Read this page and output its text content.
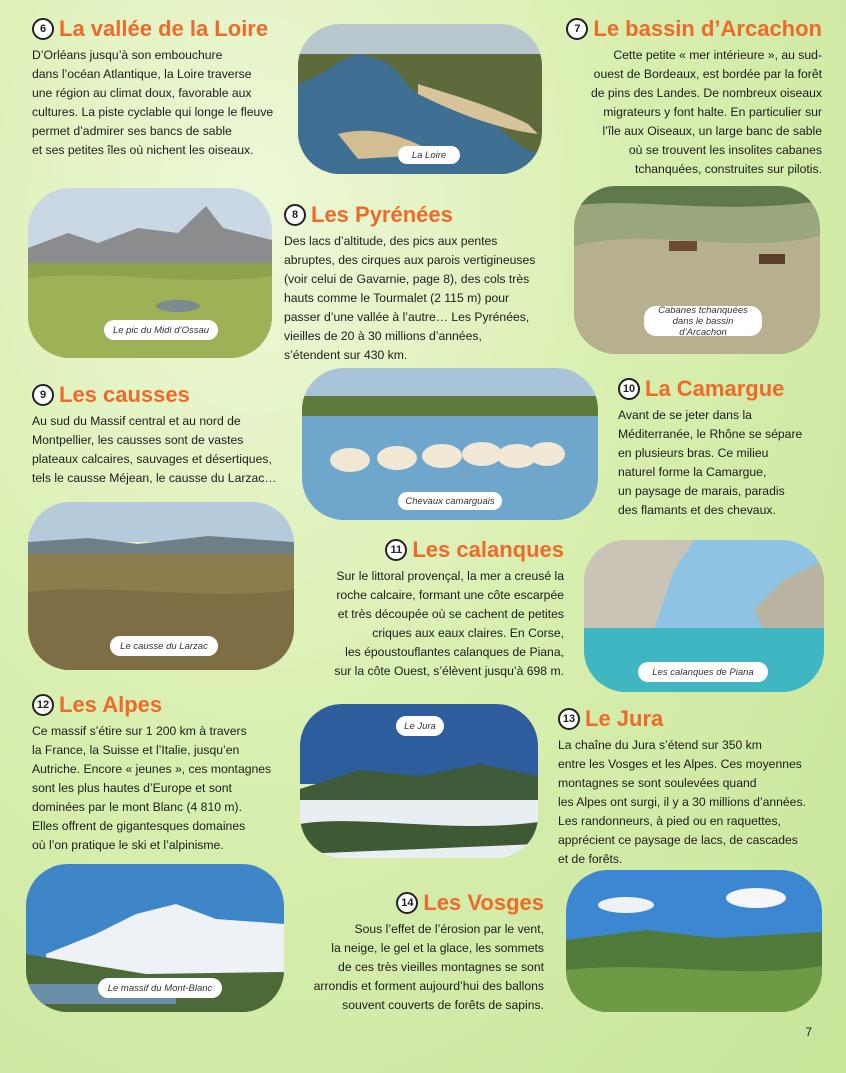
6 La vallée de la Loire
D’Orléans jusqu’à son embouchure
dans l’océan Atlantique, la Loire traverse
une région au climat doux, favorable aux
cultures. La piste cyclable qui longe le fleuve
permet d’admirer ses bancs de sable
et ses petites îles où nichent les oiseaux.	La Loire
7 Le bassin d’Arcachon
Cette petite « mer intérieure », au sud-
ouest de Bordeaux, est bordée par la forêt
de pins des Landes. De nombreux oiseaux
migrateurs y font halte. En particulier sur
l’île aux Oiseaux, un large banc de sable
où se trouvent les insolites cabanes
tchanquées, construites sur pilotis.
Cabanes tchanquées dans le bassin d’Arcachon
Le pic du Midi d’Ossau
8 Les Pyrénées
Des lacs d’altitude, des pics aux pentes
abruptes, des cirques aux parois vertigineuses
(voir celui de Gavarnie, page 8), des cols très
hauts comme le Tourmalet (2 115 m) pour
passer d’une vallée à l’autre… Les Pyrénées,
vieilles de 20 à 30 millions d’années,
s’étendent sur 430 km.
9 Les causses
Au sud du Massif central et au nord de
Montpellier, les causses sont de vastes
plateaux calcaires, sauvages et désertiques,
tels le causse Méjean, le causse du Larzac…
Chevaux camarguais
10 La Camargue
Avant de se jeter dans la
Méditerranée, le Rhône se sépare
en plusieurs bras. Ce milieu
naturel forme la Camargue,
un paysage de marais, paradis
des flamants et des chevaux.
Le causse du Larzac
11 Les calanques
Sur le littoral provençal, la mer a creusé la
roche calcaire, formant une côte escarpée
et très découpée où se cachent de petites
criques aux eaux claires. En Corse,
les époustouflantes calanques de Piana,
sur la côte Ouest, s’élèvent jusqu’à 698 m.	Les calanques de Piana
12 Les Alpes
Ce massif s’étire sur 1 200 km à travers
la France, la Suisse et l’Italie, jusqu’en
Autriche. Encore « jeunes », ces montagnes
sont les plus hautes d’Europe et sont
dominées par le mont Blanc (4 810 m).
Elles offrent de gigantesques domaines
où l’on pratique le ski et l’alpinisme.
Le Jura
13 Le Jura
La chaîne du Jura s’étend sur 350 km
entre les Vosges et les Alpes. Ces moyennes
montagnes se sont soulevées quand
les Alpes ont surgi, il y a 30 millions d’années.
Les randonneurs, à pied ou en raquettes,
apprécient ce paysage de lacs, de cascades
et de forêts.
Le massif du Mont-Blanc
14 Les Vosges
Sous l’effet de l’érosion par le vent,
la neige, le gel et la glace, les sommets
de ces très vieilles montagnes se sont
arrondis et forment aujourd’hui des ballons
souvent couverts de forêts de sapins.
7
